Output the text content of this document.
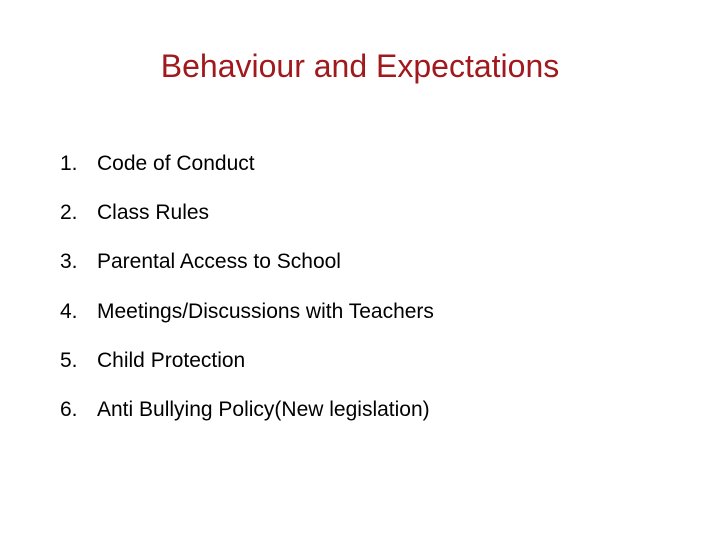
Behaviour and Expectations
1. Code of Conduct
2. Class Rules
3. Parental Access to School
4. Meetings/Discussions with Teachers
5. Child Protection
6. Anti Bullying Policy(New legislation)
